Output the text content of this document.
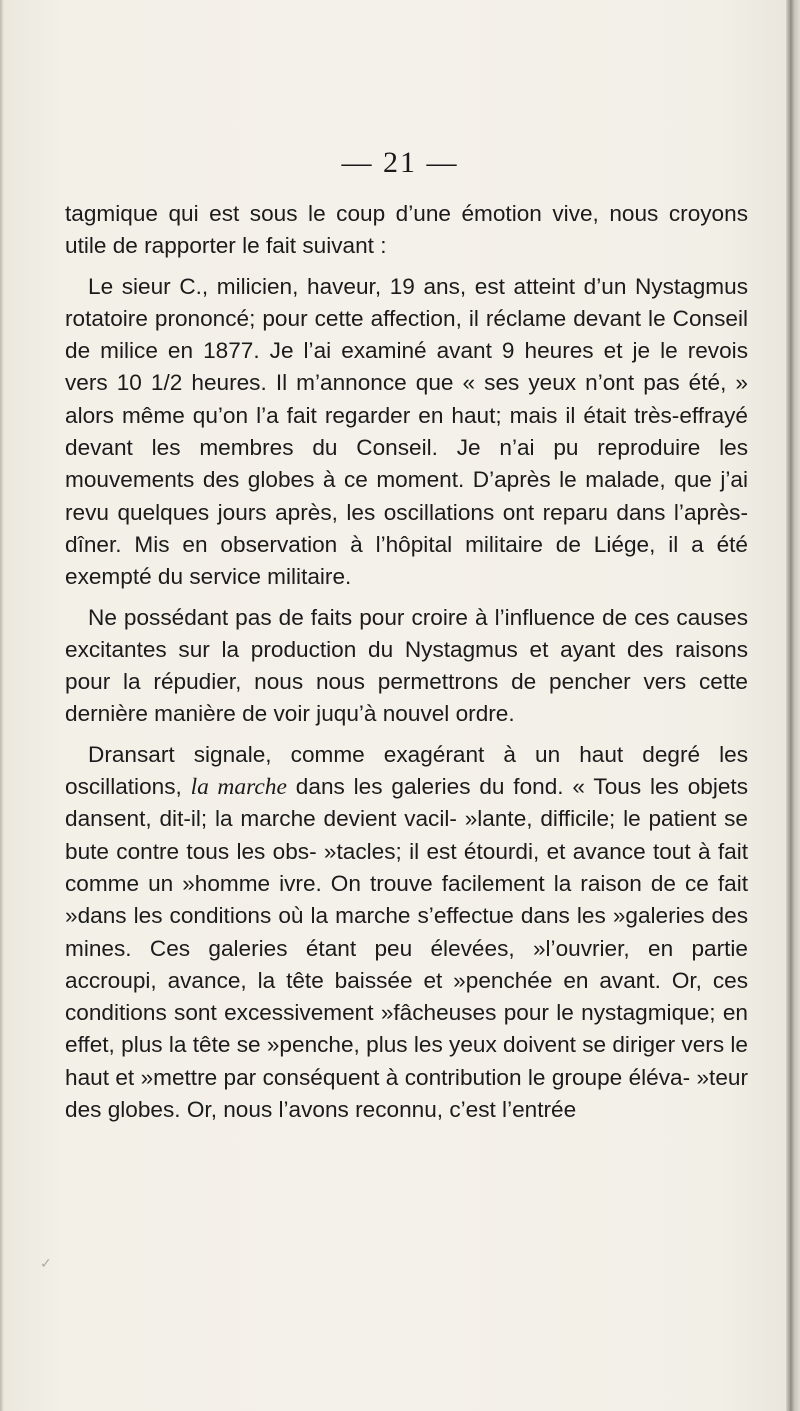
— 21 —

tagmique qui est sous le coup d’une émotion vive, nous croyons utile de rapporter le fait suivant :

Le sieur C., milicien, haveur, 19 ans, est atteint d’un Nystagmus rotatoire prononcé; pour cette affection, il réclame devant le Conseil de milice en 1877. Je l’ai examiné avant 9 heures et je le revois vers 10 1/2 heures. Il m’annonce que « ses yeux n’ont pas été, » alors même qu’on l’a fait regarder en haut; mais il était très-effrayé devant les membres du Conseil. Je n’ai pu reproduire les mouvements des globes à ce moment. D’après le malade, que j’ai revu quelques jours après, les oscillations ont reparu dans l’après-dîner. Mis en observation à l’hôpital militaire de Liége, il a été exempté du service militaire.

Ne possédant pas de faits pour croire à l’influence de ces causes excitantes sur la production du Nystagmus et ayant des raisons pour la répudier, nous nous permettrons de pencher vers cette dernière manière de voir juqu’à nouvel ordre.

Dransart signale, comme exagérant à un haut degré les oscillations, la marche dans les galeries du fond. « Tous les objets dansent, dit-il; la marche devient vacil- »lante, difficile; le patient se bute contre tous les obs- »tacles; il est étourdi, et avance tout à fait comme un »homme ivre. On trouve facilement la raison de ce fait »dans les conditions où la marche s’effectue dans les »galeries des mines. Ces galeries étant peu élevées, »l’ouvrier, en partie accroupi, avance, la tête baissée et »penchée en avant. Or, ces conditions sont excessivement »fâcheuses pour le nystagmique; en effet, plus la tête se »penche, plus les yeux doivent se diriger vers le haut et »mettre par conséquent à contribution le groupe éléva- »teur des globes. Or, nous l’avons reconnu, c’est l’entrée

✓
